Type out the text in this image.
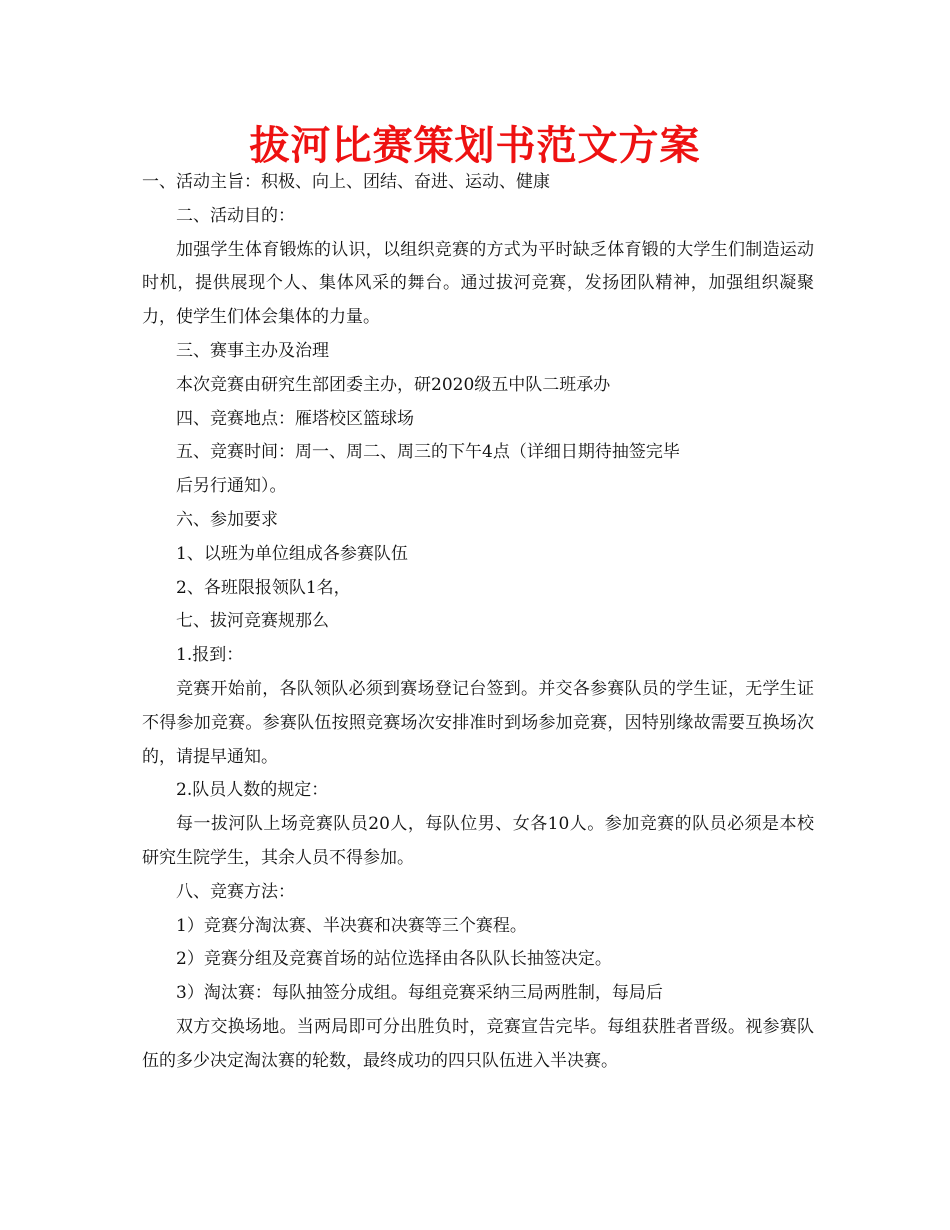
拔河比赛策划书范文方案

一、活动主旨：积极、向上、团结、奋进、运动、健康

二、活动目的：

加强学生体育锻炼的认识，以组织竞赛的方式为平时缺乏体育锻的大学生们制造运动时机，提供展现个人、集体风采的舞台。通过拔河竞赛，发扬团队精神，加强组织凝聚力，使学生们体会集体的力量。

三、赛事主办及治理

本次竞赛由研究生部团委主办，研2020级五中队二班承办

四、竞赛地点：雁塔校区篮球场

五、竞赛时间：周一、周二、周三的下午4点（详细日期待抽签完毕

后另行通知）。

六、参加要求

1、以班为单位组成各参赛队伍

2、各班限报领队1名，

七、拔河竞赛规那么

1.报到：

竞赛开始前，各队领队必须到赛场登记台签到。并交各参赛队员的学生证，无学生证不得参加竞赛。参赛队伍按照竞赛场次安排准时到场参加竞赛，因特别缘故需要互换场次的，请提早通知。

2.队员人数的规定：

每一拔河队上场竞赛队员20人，每队位男、女各10人。参加竞赛的队员必须是本校研究生院学生，其余人员不得参加。

八、竞赛方法：

1）竞赛分淘汰赛、半决赛和决赛等三个赛程。

2）竞赛分组及竞赛首场的站位选择由各队队长抽签决定。

3）淘汰赛：每队抽签分成组。每组竞赛采纳三局两胜制，每局后

双方交换场地。当两局即可分出胜负时，竞赛宣告完毕。每组获胜者晋级。视参赛队伍的多少决定淘汰赛的轮数，最终成功的四只队伍进入半决赛。
